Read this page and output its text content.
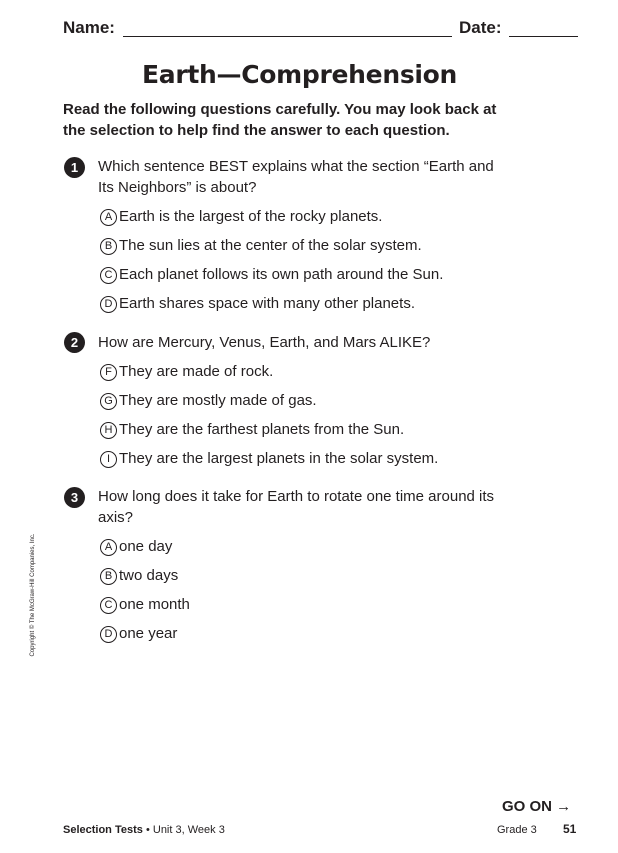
Name:	Date:
Earth—Comprehension
Read the following questions carefully. You may look back at the selection to help find the answer to each question.
1	Which sentence BEST explains what the section “Earth and Its Neighbors” is about?
A Earth is the largest of the rocky planets.
B The sun lies at the center of the solar system.
C Each planet follows its own path around the Sun.
D Earth shares space with many other planets.
2	How are Mercury, Venus, Earth, and Mars ALIKE?
F They are made of rock.
G They are mostly made of gas.
H They are the farthest planets from the Sun.
I They are the largest planets in the solar system.
3	How long does it take for Earth to rotate one time around its axis?
A one day
B two days
C one month
D one year
Copyright © The McGraw-Hill Companies, Inc.
GO ON →
Selection Tests • Unit 3, Week 3	Grade 3 51
